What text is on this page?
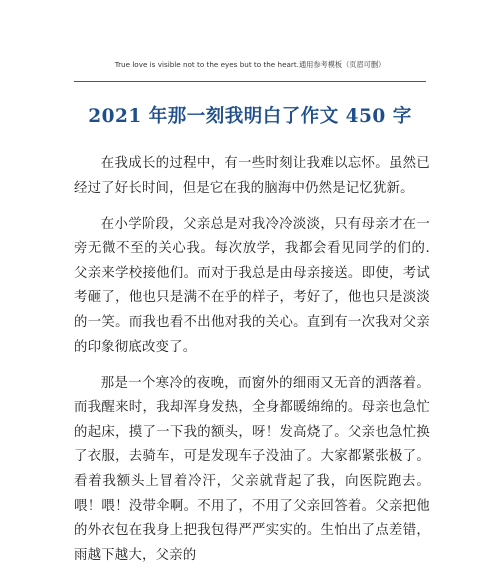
True love is visible not to the eyes but to the heart.通用参考模板（页眉可删）
2021 年那一刻我明白了作文 450 字

在我成长的过程中，有一些时刻让我难以忘怀。虽然已经过了好长时间，但是它在我的脑海中仍然是记忆犹新。

在小学阶段，父亲总是对我冷冷淡淡，只有母亲才在一旁无微不至的关心我。每次放学，我都会看见同学的们的.父亲来学校接他们。而对于我总是由母亲接送。即使，考试考砸了，他也只是满不在乎的样子，考好了，他也只是淡淡的一笑。而我也看不出他对我的关心。直到有一次我对父亲的印象彻底改变了。

那是一个寒冷的夜晚，而窗外的细雨又无音的洒落着。而我醒来时，我却浑身发热，全身都暖绵绵的。母亲也急忙的起床，摸了一下我的额头，呀！发高烧了。父亲也急忙换了衣服，去骑车，可是发现车子没油了。大家都紧张极了。看着我额头上冒着冷汗，父亲就背起了我，向医院跑去。喂！喂！没带伞啊。不用了，不用了父亲回答着。父亲把他的外衣包在我身上把我包得严严实实的。生怕出了点差错，雨越下越大，父亲的
